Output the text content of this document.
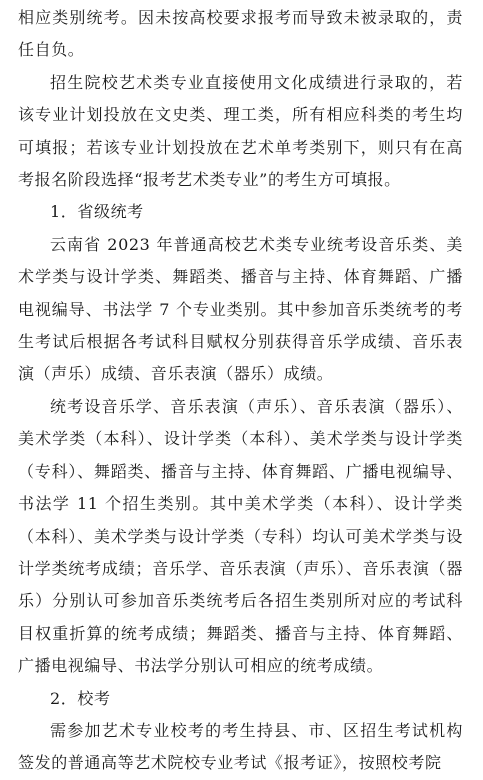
相应类别统考。因未按高校要求报考而导致未被录取的，责任自负。

招生院校艺术类专业直接使用文化成绩进行录取的，若该专业计划投放在文史类、理工类，所有相应科类的考生均可填报；若该专业计划投放在艺术单考类别下，则只有在高考报名阶段选择“报考艺术类专业”的考生方可填报。

1．省级统考

云南省 2023 年普通高校艺术类专业统考设音乐类、美术学类与设计学类、舞蹈类、播音与主持、体育舞蹈、广播电视编导、书法学 7 个专业类别。其中参加音乐类统考的考生考试后根据各考试科目赋权分别获得音乐学成绩、音乐表演（声乐）成绩、音乐表演（器乐）成绩。

统考设音乐学、音乐表演（声乐）、音乐表演（器乐）、美术学类（本科）、设计学类（本科）、美术学类与设计学类（专科）、舞蹈类、播音与主持、体育舞蹈、广播电视编导、书法学 11 个招生类别。其中美术学类（本科）、设计学类（本科）、美术学类与设计学类（专科）均认可美术学类与设计学类统考成绩；音乐学、音乐表演（声乐）、音乐表演（器乐）分别认可参加音乐类统考后各招生类别所对应的考试科目权重折算的统考成绩；舞蹈类、播音与主持、体育舞蹈、广播电视编导、书法学分别认可相应的统考成绩。

2．校考

需参加艺术专业校考的考生持县、市、区招生考试机构签发的普通高等艺术院校专业考试《报考证》，按照校考院
